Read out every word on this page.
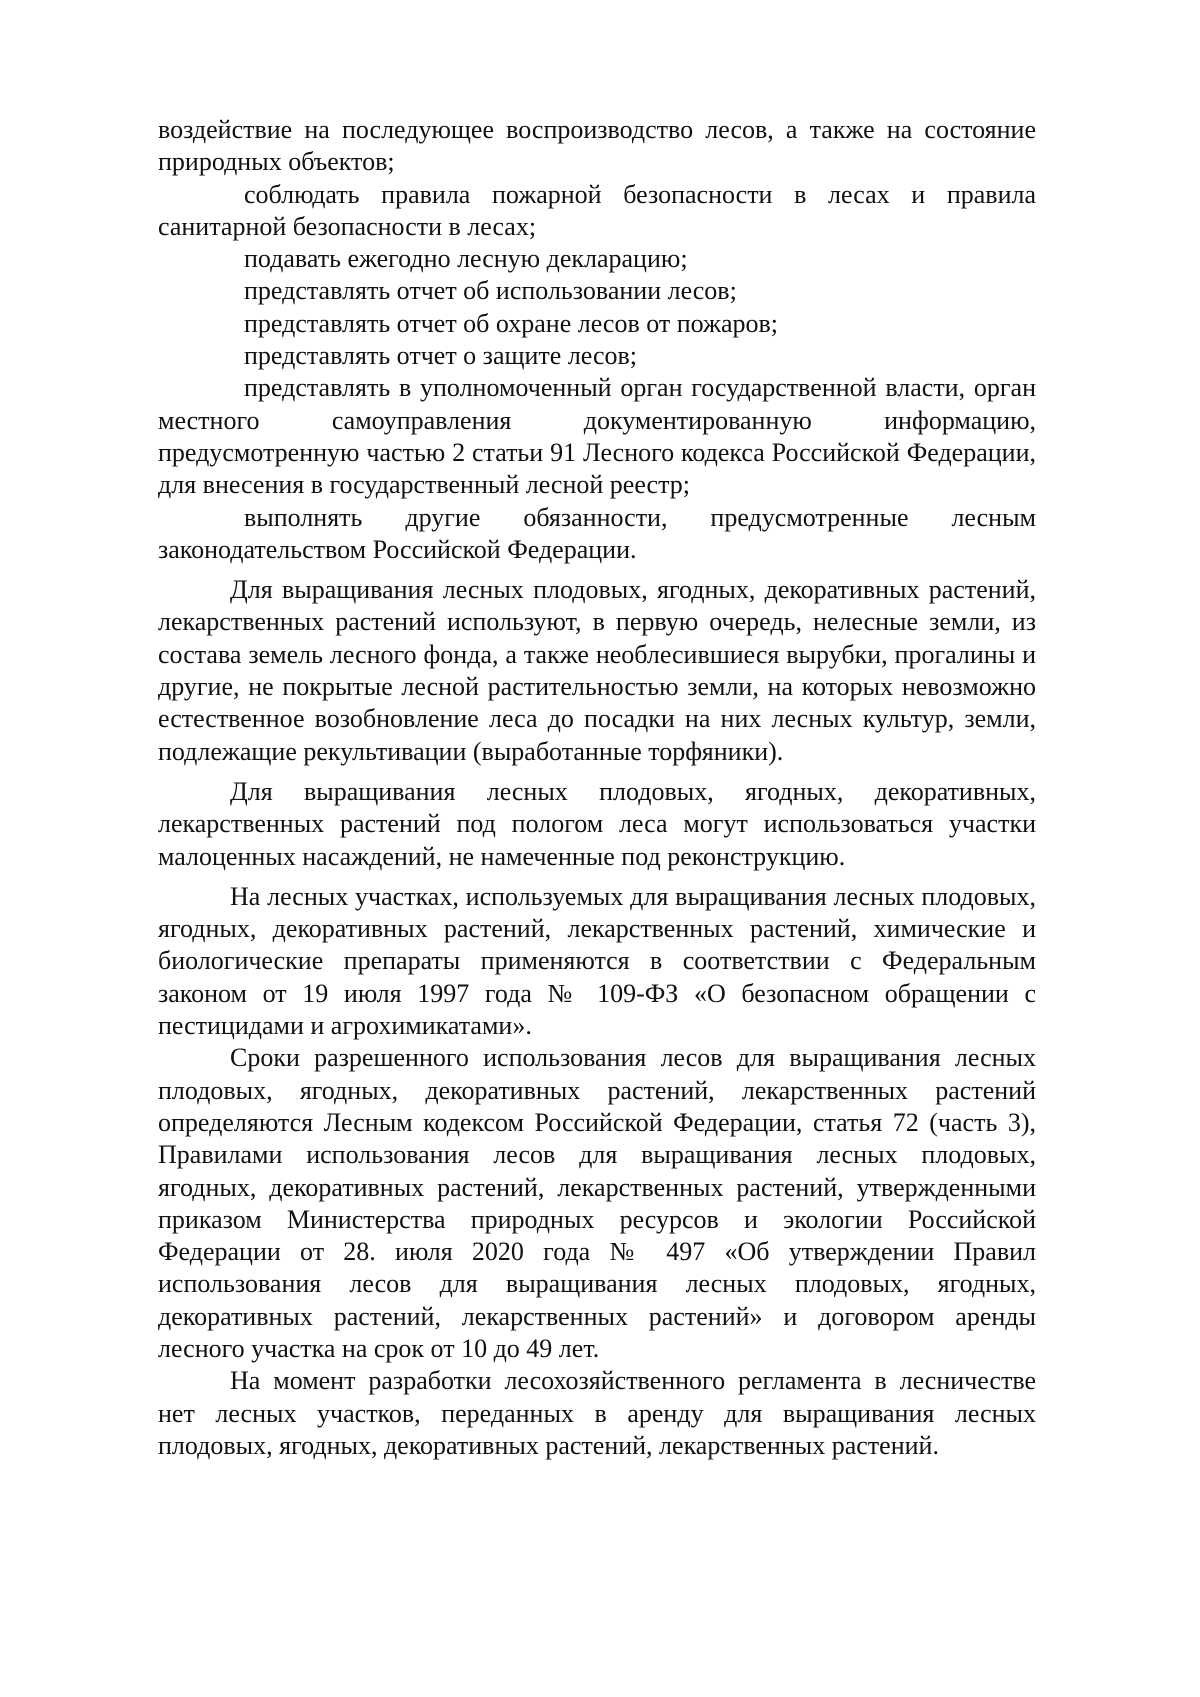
воздействие на последующее воспроизводство лесов, а также на состояние природных объектов;

соблюдать правила пожарной безопасности в лесах и правила санитарной безопасности в лесах;

подавать ежегодно лесную декларацию;

представлять отчет об использовании лесов;

представлять отчет об охране лесов от пожаров;

представлять отчет о защите лесов;

представлять в уполномоченный орган государственной власти, орган местного самоуправления документированную информацию, предусмотренную частью 2 статьи 91 Лесного кодекса Российской Федерации, для внесения в государственный лесной реестр;

выполнять другие обязанности, предусмотренные лесным законодательством Российской Федерации.

Для выращивания лесных плодовых, ягодных, декоративных растений, лекарственных растений используют, в первую очередь, нелесные земли, из состава земель лесного фонда, а также необлесившиеся вырубки, прогалины и другие, не покрытые лесной растительностью земли, на которых невозможно естественное возобновление леса до посадки на них лесных культур, земли, подлежащие рекультивации (выработанные торфяники).

Для выращивания лесных плодовых, ягодных, декоративных, лекарственных растений под пологом леса могут использоваться участки малоценных насаждений, не намеченные под реконструкцию.

На лесных участках, используемых для выращивания лесных плодовых, ягодных, декоративных растений, лекарственных растений, химические и биологические препараты применяются в соответствии с Федеральным законом от 19 июля 1997 года № 109-ФЗ «О безопасном обращении с пестицидами и агрохимикатами».

Сроки разрешенного использования лесов для выращивания лесных плодовых, ягодных, декоративных растений, лекарственных растений определяются Лесным кодексом Российской Федерации, статья 72 (часть 3), Правилами использования лесов для выращивания лесных плодовых, ягодных, декоративных растений, лекарственных растений, утвержденными приказом Министерства природных ресурсов и экологии Российской Федерации от 28. июля 2020 года № 497 «Об утверждении Правил использования лесов для выращивания лесных плодовых, ягодных, декоративных растений, лекарственных растений» и договором аренды лесного участка на срок от 10 до 49 лет.

На момент разработки лесохозяйственного регламента в лесничестве нет лесных участков, переданных в аренду для выращивания лесных плодовых, ягодных, декоративных растений, лекарственных растений.
